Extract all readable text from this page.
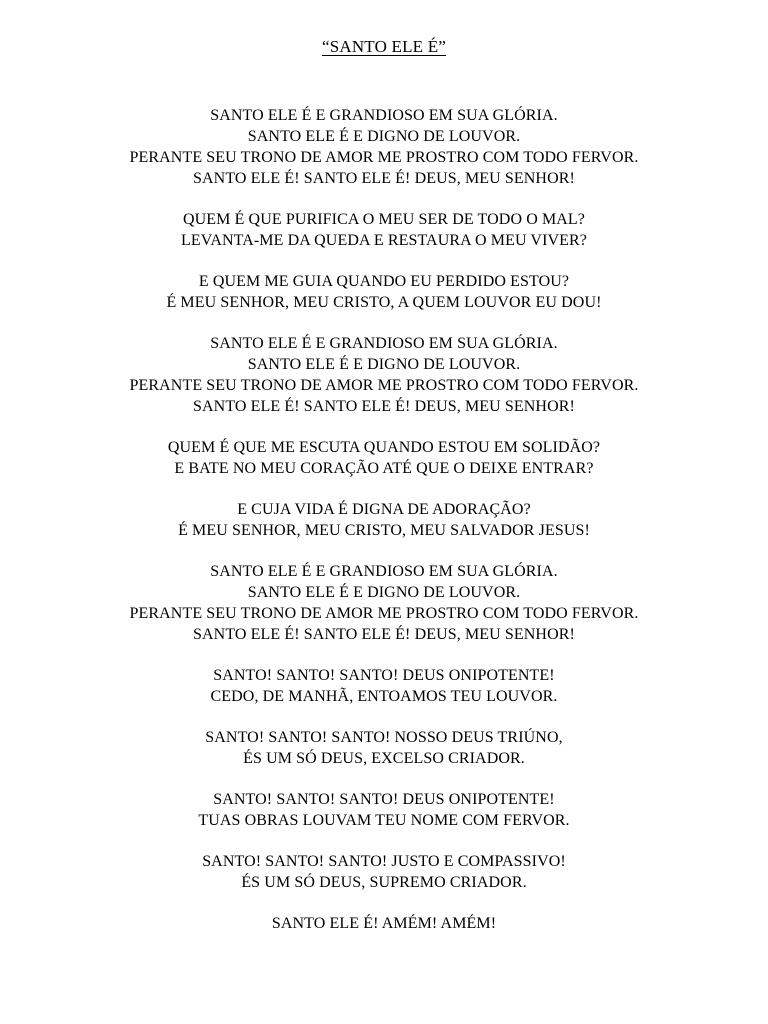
“SANTO ELE É”
SANTO ELE É E GRANDIOSO EM SUA GLÓRIA.
SANTO ELE É E DIGNO DE LOUVOR.
PERANTE SEU TRONO DE AMOR ME PROSTRO COM TODO FERVOR.
SANTO ELE É! SANTO ELE É! DEUS, MEU SENHOR!
QUEM É QUE PURIFICA O MEU SER DE TODO O MAL?
LEVANTA-ME DA QUEDA E RESTAURA O MEU VIVER?
E QUEM ME GUIA QUANDO EU PERDIDO ESTOU?
É MEU SENHOR, MEU CRISTO, A QUEM LOUVOR EU DOU!
SANTO ELE É E GRANDIOSO EM SUA GLÓRIA.
SANTO ELE É E DIGNO DE LOUVOR.
PERANTE SEU TRONO DE AMOR ME PROSTRO COM TODO FERVOR.
SANTO ELE É! SANTO ELE É! DEUS, MEU SENHOR!
QUEM É QUE ME ESCUTA QUANDO ESTOU EM SOLIDÃO?
E BATE NO MEU CORAÇÃO ATÉ QUE O DEIXE ENTRAR?
E CUJA VIDA É DIGNA DE ADORAÇÃO?
É MEU SENHOR, MEU CRISTO, MEU SALVADOR JESUS!
SANTO ELE É E GRANDIOSO EM SUA GLÓRIA.
SANTO ELE É E DIGNO DE LOUVOR.
PERANTE SEU TRONO DE AMOR ME PROSTRO COM TODO FERVOR.
SANTO ELE É! SANTO ELE É! DEUS, MEU SENHOR!
SANTO! SANTO! SANTO! DEUS ONIPOTENTE!
CEDO, DE MANHÃ, ENTOAMOS TEU LOUVOR.
SANTO! SANTO! SANTO! NOSSO DEUS TRIÚNO,
ÉS UM SÓ DEUS, EXCELSO CRIADOR.
SANTO! SANTO! SANTO! DEUS ONIPOTENTE!
TUAS OBRAS LOUVAM TEU NOME COM FERVOR.
SANTO! SANTO! SANTO! JUSTO E COMPASSIVO!
ÉS UM SÓ DEUS, SUPREMO CRIADOR.
SANTO ELE É! AMÉM! AMÉM!
